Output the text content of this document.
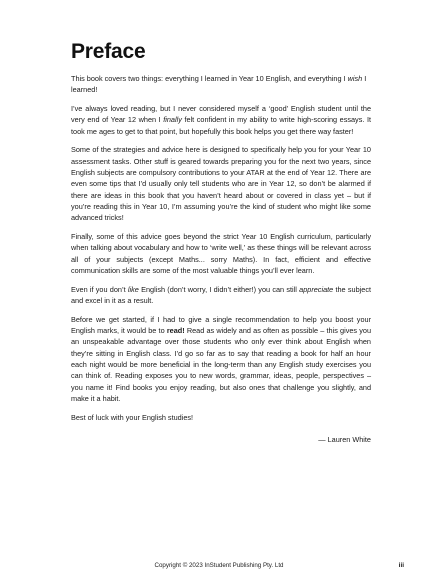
Preface

This book covers two things: everything I learned in Year 10 English, and everything I wish I learned!

I’ve always loved reading, but I never considered myself a ‘good’ English student until the very end of Year 12 when I finally felt confident in my ability to write high-scoring essays. It took me ages to get to that point, but hopefully this book helps you get there way faster!

Some of the strategies and advice here is designed to specifically help you for your Year 10 assessment tasks. Other stuff is geared towards preparing you for the next two years, since English subjects are compulsory contributions to your ATAR at the end of Year 12. There are even some tips that I’d usually only tell students who are in Year 12, so don’t be alarmed if there are ideas in this book that you haven’t heard about or covered in class yet – but if you’re reading this in Year 10, I’m assuming you’re the kind of student who might like some advanced tricks!

Finally, some of this advice goes beyond the strict Year 10 English curriculum, particularly when talking about vocabulary and how to ‘write well,’ as these things will be relevant across all of your subjects (except Maths... sorry Maths). In fact, efficient and effective communication skills are some of the most valuable things you’ll ever learn.

Even if you don’t like English (don’t worry, I didn’t either!) you can still appreciate the subject and excel in it as a result.

Before we get started, if I had to give a single recommendation to help you boost your English marks, it would be to read! Read as widely and as often as possible – this gives you an unspeakable advantage over those students who only ever think about English when they’re sitting in English class. I’d go so far as to say that reading a book for half an hour each night would be more beneficial in the long-term than any English study exercises you can think of. Reading exposes you to new words, grammar, ideas, people, perspectives – you name it! Find books you enjoy reading, but also ones that challenge you slightly, and make it a habit.

Best of luck with your English studies!

— Lauren White
Copyright © 2023 InStudent Publishing Pty. Ltd	iii
